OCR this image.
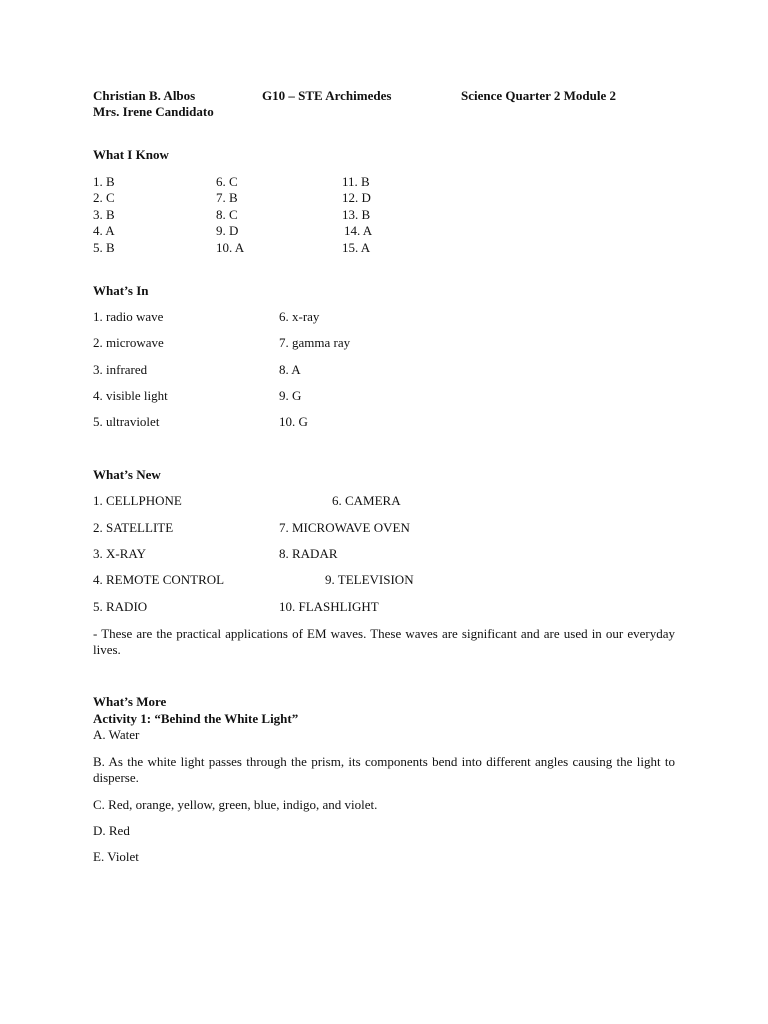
Christian B. Albos	G10 – STE Archimedes	Science Quarter 2 Module 2
Mrs. Irene Candidato
What I Know
1. B
2. C
3. B
4. A
5. B
6. C
7. B
8. C
9. D
10. A
11. B
12. D
13. B
14. A
15. A
What’s In
1. radio wave
2. microwave
3. infrared
4. visible light
5. ultraviolet
6. x-ray
7. gamma ray
8. A
9. G
10. G
What’s New
1. CELLPHONE
2. SATELLITE
3. X-RAY
4. REMOTE CONTROL
5. RADIO
6. CAMERA
7. MICROWAVE OVEN
8. RADAR
9. TELEVISION
10. FLASHLIGHT
- These are the practical applications of EM waves. These waves are significant and are used in our everyday lives.
What’s More
Activity 1: “Behind the White Light”
A. Water
B. As the white light passes through the prism, its components bend into different angles causing the light to disperse.
C. Red, orange, yellow, green, blue, indigo, and violet.
D. Red
E. Violet
